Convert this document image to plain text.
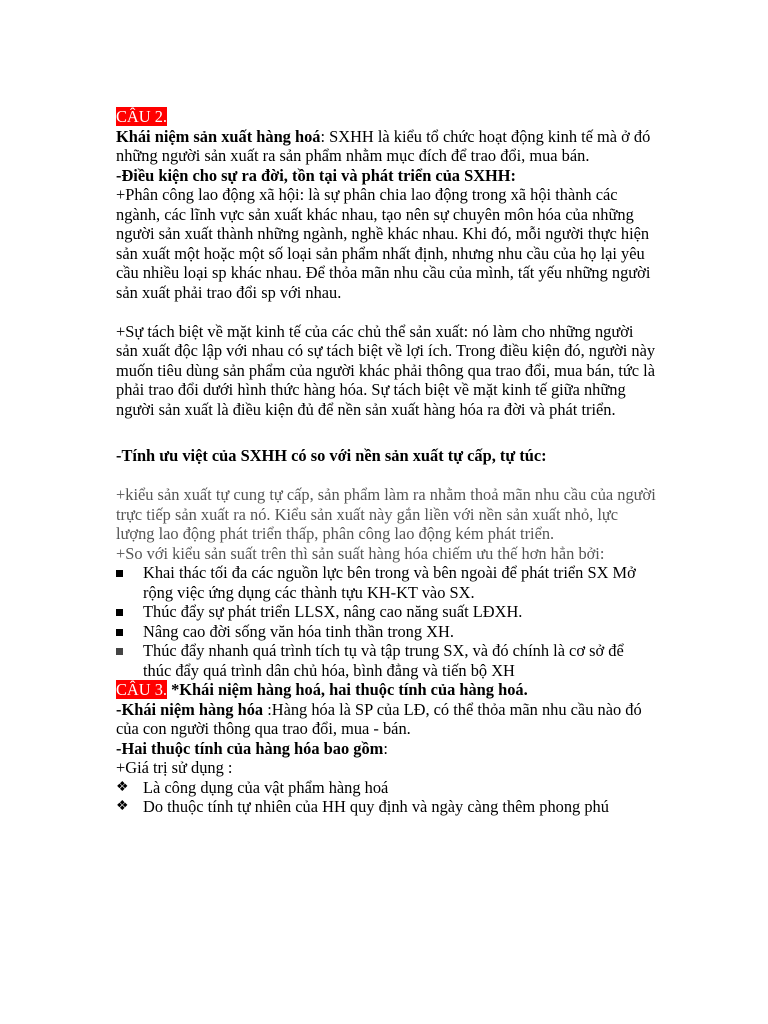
CÂU 2.

Khái niệm sản xuất hàng hoá: SXHH là kiểu tổ chức hoạt động kinh tế mà ở đó những người sản xuất ra sản phẩm nhằm mục đích để trao đổi, mua bán.

-Điều kiện cho sự ra đời, tồn tại và phát triển của SXHH:

+Phân công lao động xã hội: là sự phân chia lao động trong xã hội thành các ngành, các lĩnh vực sản xuất khác nhau, tạo nên sự chuyên môn hóa của những người sản xuất thành những ngành, nghề khác nhau. Khi đó, mỗi người thực hiện sản xuất một hoặc một số loại sản phẩm nhất định, nhưng nhu cầu của họ lại yêu cầu nhiều loại sp khác nhau. Để thỏa mãn nhu cầu của mình, tất yếu những người sản xuất phải trao đổi sp với nhau.

+Sự tách biệt về mặt kinh tế của các chủ thể sản xuất: nó làm cho những người sản xuất độc lập với nhau có sự tách biệt về lợi ích. Trong điều kiện đó, người này muốn tiêu dùng sản phẩm của người khác phải thông qua trao đổi, mua bán, tức là phải trao đổi dưới hình thức hàng hóa. Sự tách biệt về mặt kinh tế giữa những người sản xuất là điều kiện đủ để nền sản xuất hàng hóa ra đời và phát triển.

-Tính ưu việt của SXHH có so với nền sản xuất tự cấp, tự túc:

+kiểu sản xuất tự cung tự cấp, sản phẩm làm ra nhằm thoả mãn nhu cầu của người trực tiếp sản xuất ra nó. Kiểu sản xuất này gắn liền với nền sản xuất nhỏ, lực lượng lao động phát triển thấp, phân công lao động kém phát triển.

+So với kiểu sản suất trên thì sản suất hàng hóa chiếm ưu thế hơn hẳn bởi:

Khai thác tối đa các nguồn lực bên trong và bên ngoài để phát triển SX Mở rộng việc ứng dụng các thành tựu KH-KT vào SX.
Thúc đẩy sự phát triển LLSX, nâng cao năng suất LĐXH.
Nâng cao đời sống văn hóa tinh thần trong XH.
Thúc đẩy nhanh quá trình tích tụ và tập trung SX, và đó chính là cơ sở để thúc đẩy quá trình dân chủ hóa, bình đẳng và tiến bộ XH

CÂU 3. *Khái niệm hàng hoá, hai thuộc tính của hàng hoá.

-Khái niệm hàng hóa :Hàng hóa là SP của LĐ, có thể thỏa mãn nhu cầu nào đó của con người thông qua trao đổi, mua - bán.

-Hai thuộc tính của hàng hóa bao gồm:

+Giá trị sử dụng :

❖ Là công dụng của vật phẩm hàng hoá
❖ Do thuộc tính tự nhiên của HH quy định và ngày càng thêm phong phú
